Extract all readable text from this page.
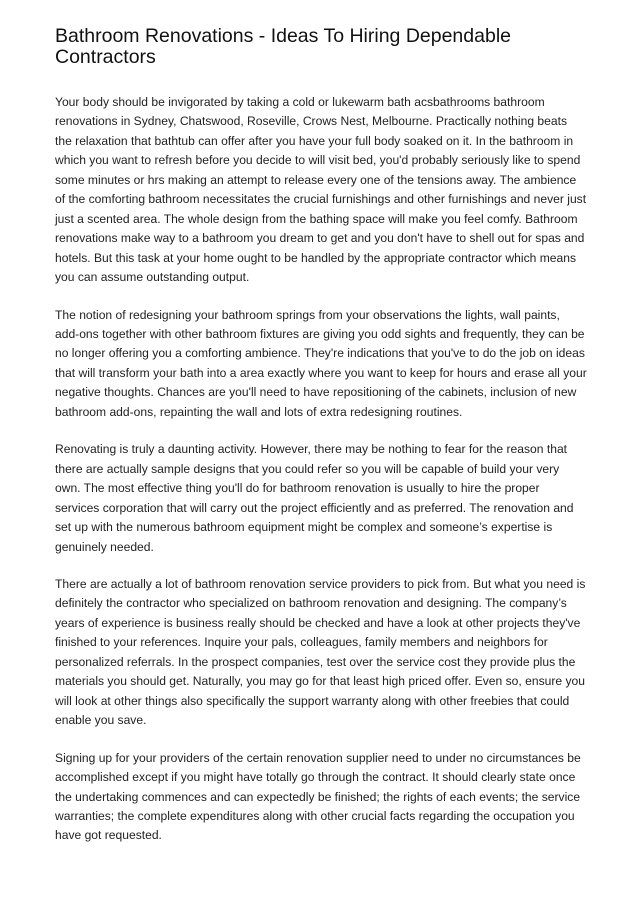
Bathroom Renovations - Ideas To Hiring Dependable Contractors

Your body should be invigorated by taking a cold or lukewarm bath acsbathrooms bathroom renovations in Sydney, Chatswood, Roseville, Crows Nest, Melbourne. Practically nothing beats the relaxation that bathtub can offer after you have your full body soaked on it. In the bathroom in which you want to refresh before you decide to will visit bed, you'd probably seriously like to spend some minutes or hrs making an attempt to release every one of the tensions away. The ambience of the comforting bathroom necessitates the crucial furnishings and other furnishings and never just just a scented area. The whole design from the bathing space will make you feel comfy. Bathroom renovations make way to a bathroom you dream to get and you don't have to shell out for spas and hotels. But this task at your home ought to be handled by the appropriate contractor which means you can assume outstanding output.

The notion of redesigning your bathroom springs from your observations the lights, wall paints, add-ons together with other bathroom fixtures are giving you odd sights and frequently, they can be no longer offering you a comforting ambience. They're indications that you've to do the job on ideas that will transform your bath into a area exactly where you want to keep for hours and erase all your negative thoughts. Chances are you'll need to have repositioning of the cabinets, inclusion of new bathroom add-ons, repainting the wall and lots of extra redesigning routines.

Renovating is truly a daunting activity. However, there may be nothing to fear for the reason that there are actually sample designs that you could refer so you will be capable of build your very own. The most effective thing you'll do for bathroom renovation is usually to hire the proper services corporation that will carry out the project efficiently and as preferred. The renovation and set up with the numerous bathroom equipment might be complex and someone’s expertise is genuinely needed.

There are actually a lot of bathroom renovation service providers to pick from. But what you need is definitely the contractor who specialized on bathroom renovation and designing. The company’s years of experience is business really should be checked and have a look at other projects they've finished to your references. Inquire your pals, colleagues, family members and neighbors for personalized referrals. In the prospect companies, test over the service cost they provide plus the materials you should get. Naturally, you may go for that least high priced offer. Even so, ensure you will look at other things also specifically the support warranty along with other freebies that could enable you save.

Signing up for your providers of the certain renovation supplier need to under no circumstances be accomplished except if you might have totally go through the contract. It should clearly state once the undertaking commences and can expectedly be finished; the rights of each events; the service warranties; the complete expenditures along with other crucial facts regarding the occupation you have got requested.
